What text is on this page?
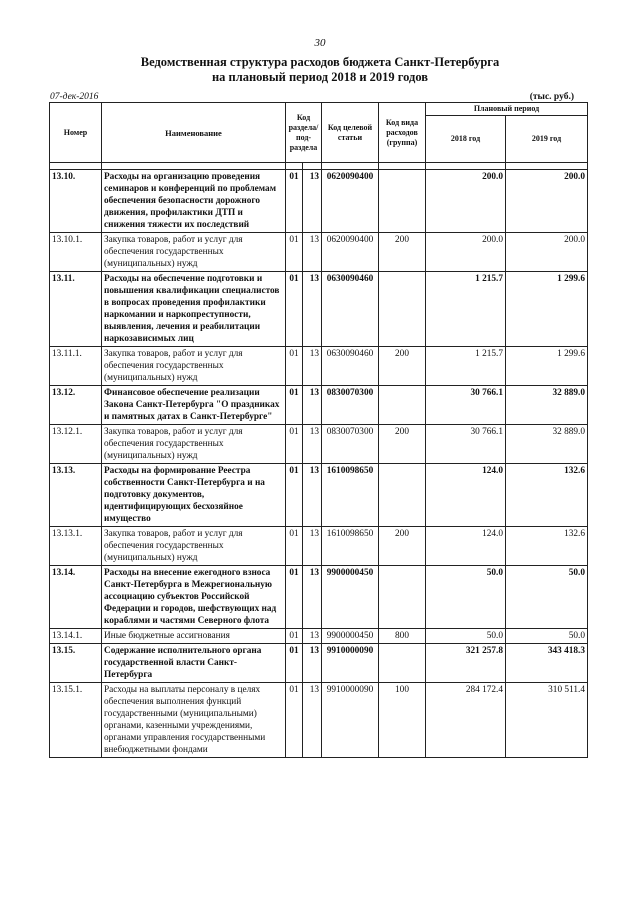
30
Ведомственная структура расходов бюджета Санкт-Петербурга
на плановый период 2018 и 2019 годов
07-дек-2016	(тыс. руб.)
Номер	Наименование	Код раздела/ под-раздела		Код целевой статьи	Код вида расходов (группа)	Плановый период	
						2018 год	2019 год

13.10.	Расходы на организацию проведения семинаров и конференций по проблемам обеспечения безопасности дорожного движения, профилактики ДТП и снижения тяжести их последствий	01	13	0620090400		200.0	200.0
13.10.1.	Закупка товаров, работ и услуг для обеспечения государственных (муниципальных) нужд	01	13	0620090400	200	200.0	200.0
13.11.	Расходы на обеспечение подготовки и повышения квалификации специалистов в вопросах проведения профилактики наркомании и наркопреступности, выявления, лечения и реабилитации наркозависимых лиц	01	13	0630090460		1 215.7	1 299.6
13.11.1.	Закупка товаров, работ и услуг для обеспечения государственных (муниципальных) нужд	01	13	0630090460	200	1 215.7	1 299.6
13.12.	Финансовое обеспечение реализации Закона Санкт-Петербурга "О праздниках и памятных датах в Санкт-Петербурге"	01	13	0830070300		30 766.1	32 889.0
13.12.1.	Закупка товаров, работ и услуг для обеспечения государственных (муниципальных) нужд	01	13	0830070300	200	30 766.1	32 889.0
13.13.	Расходы на формирование Реестра собственности Санкт-Петербурга и на подготовку документов, идентифицирующих бесхозяйное имущество	01	13	1610098650		124.0	132.6
13.13.1.	Закупка товаров, работ и услуг для обеспечения государственных (муниципальных) нужд	01	13	1610098650	200	124.0	132.6
13.14.	Расходы на внесение ежегодного взноса Санкт-Петербурга в Межрегиональную ассоциацию субъектов Российской Федерации и городов, шефствующих над кораблями и частями Северного флота	01	13	9900000450		50.0	50.0
13.14.1.	Иные бюджетные ассигнования	01	13	9900000450	800	50.0	50.0
13.15.	Содержание исполнительного органа государственной власти Санкт-Петербурга	01	13	9910000090		321 257.8	343 418.3
13.15.1.	Расходы на выплаты персоналу в целях обеспечения выполнения функций государственными (муниципальными) органами, казенными учреждениями, органами управления государственными внебюджетными фондами	01	13	9910000090	100	284 172.4	310 511.4
